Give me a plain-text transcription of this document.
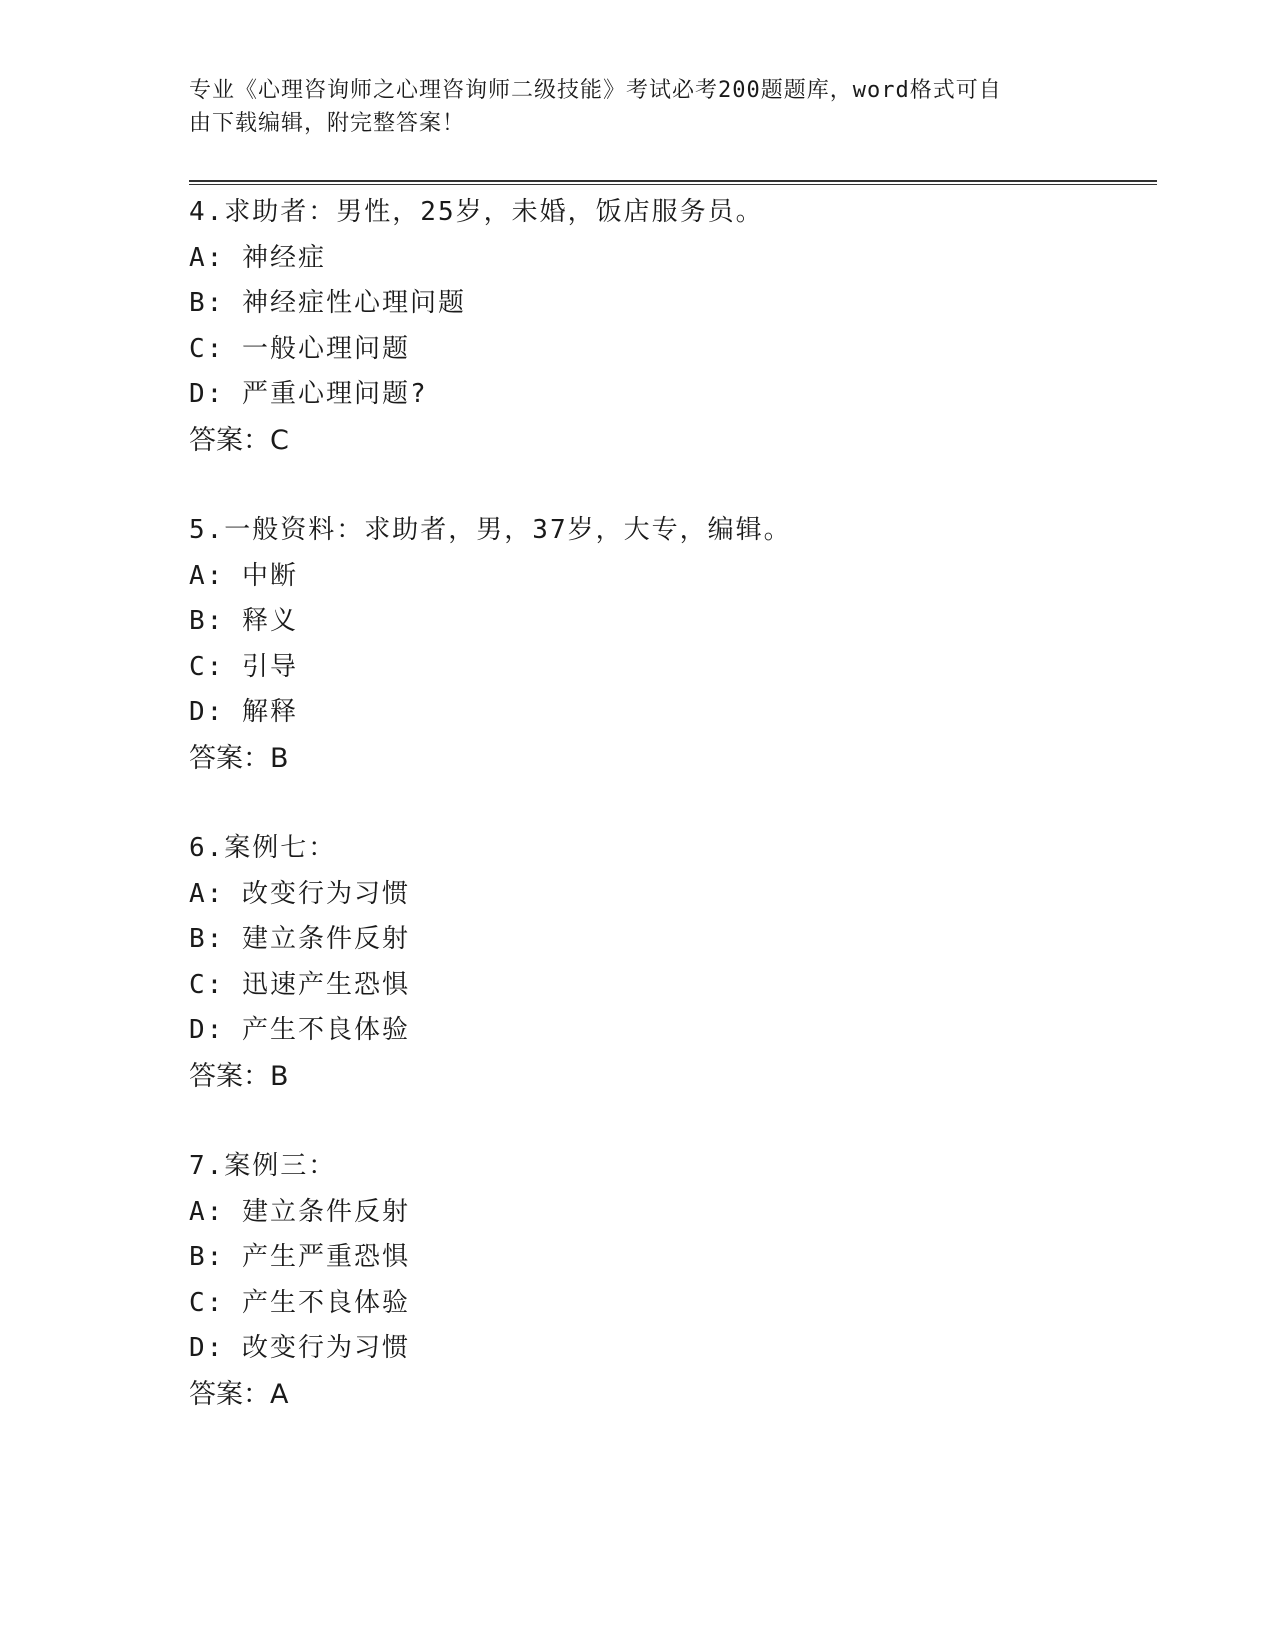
专业《心理咨询师之心理咨询师二级技能》考试必考200题题库，word格式可自
由下载编辑，附完整答案！
4.求助者：男性，25岁，未婚，饭店服务员。
A: 神经症
B: 神经症性心理问题
C: 一般心理问题
D: 严重心理问题?
答案：C
5.一般资料：求助者，男，37岁，大专，编辑。
A: 中断
B: 释义
C: 引导
D: 解释
答案：B
6.案例七：
A: 改变行为习惯
B: 建立条件反射
C: 迅速产生恐惧
D: 产生不良体验
答案：B
7.案例三：
A: 建立条件反射
B: 产生严重恐惧
C: 产生不良体验
D: 改变行为习惯
答案：A
